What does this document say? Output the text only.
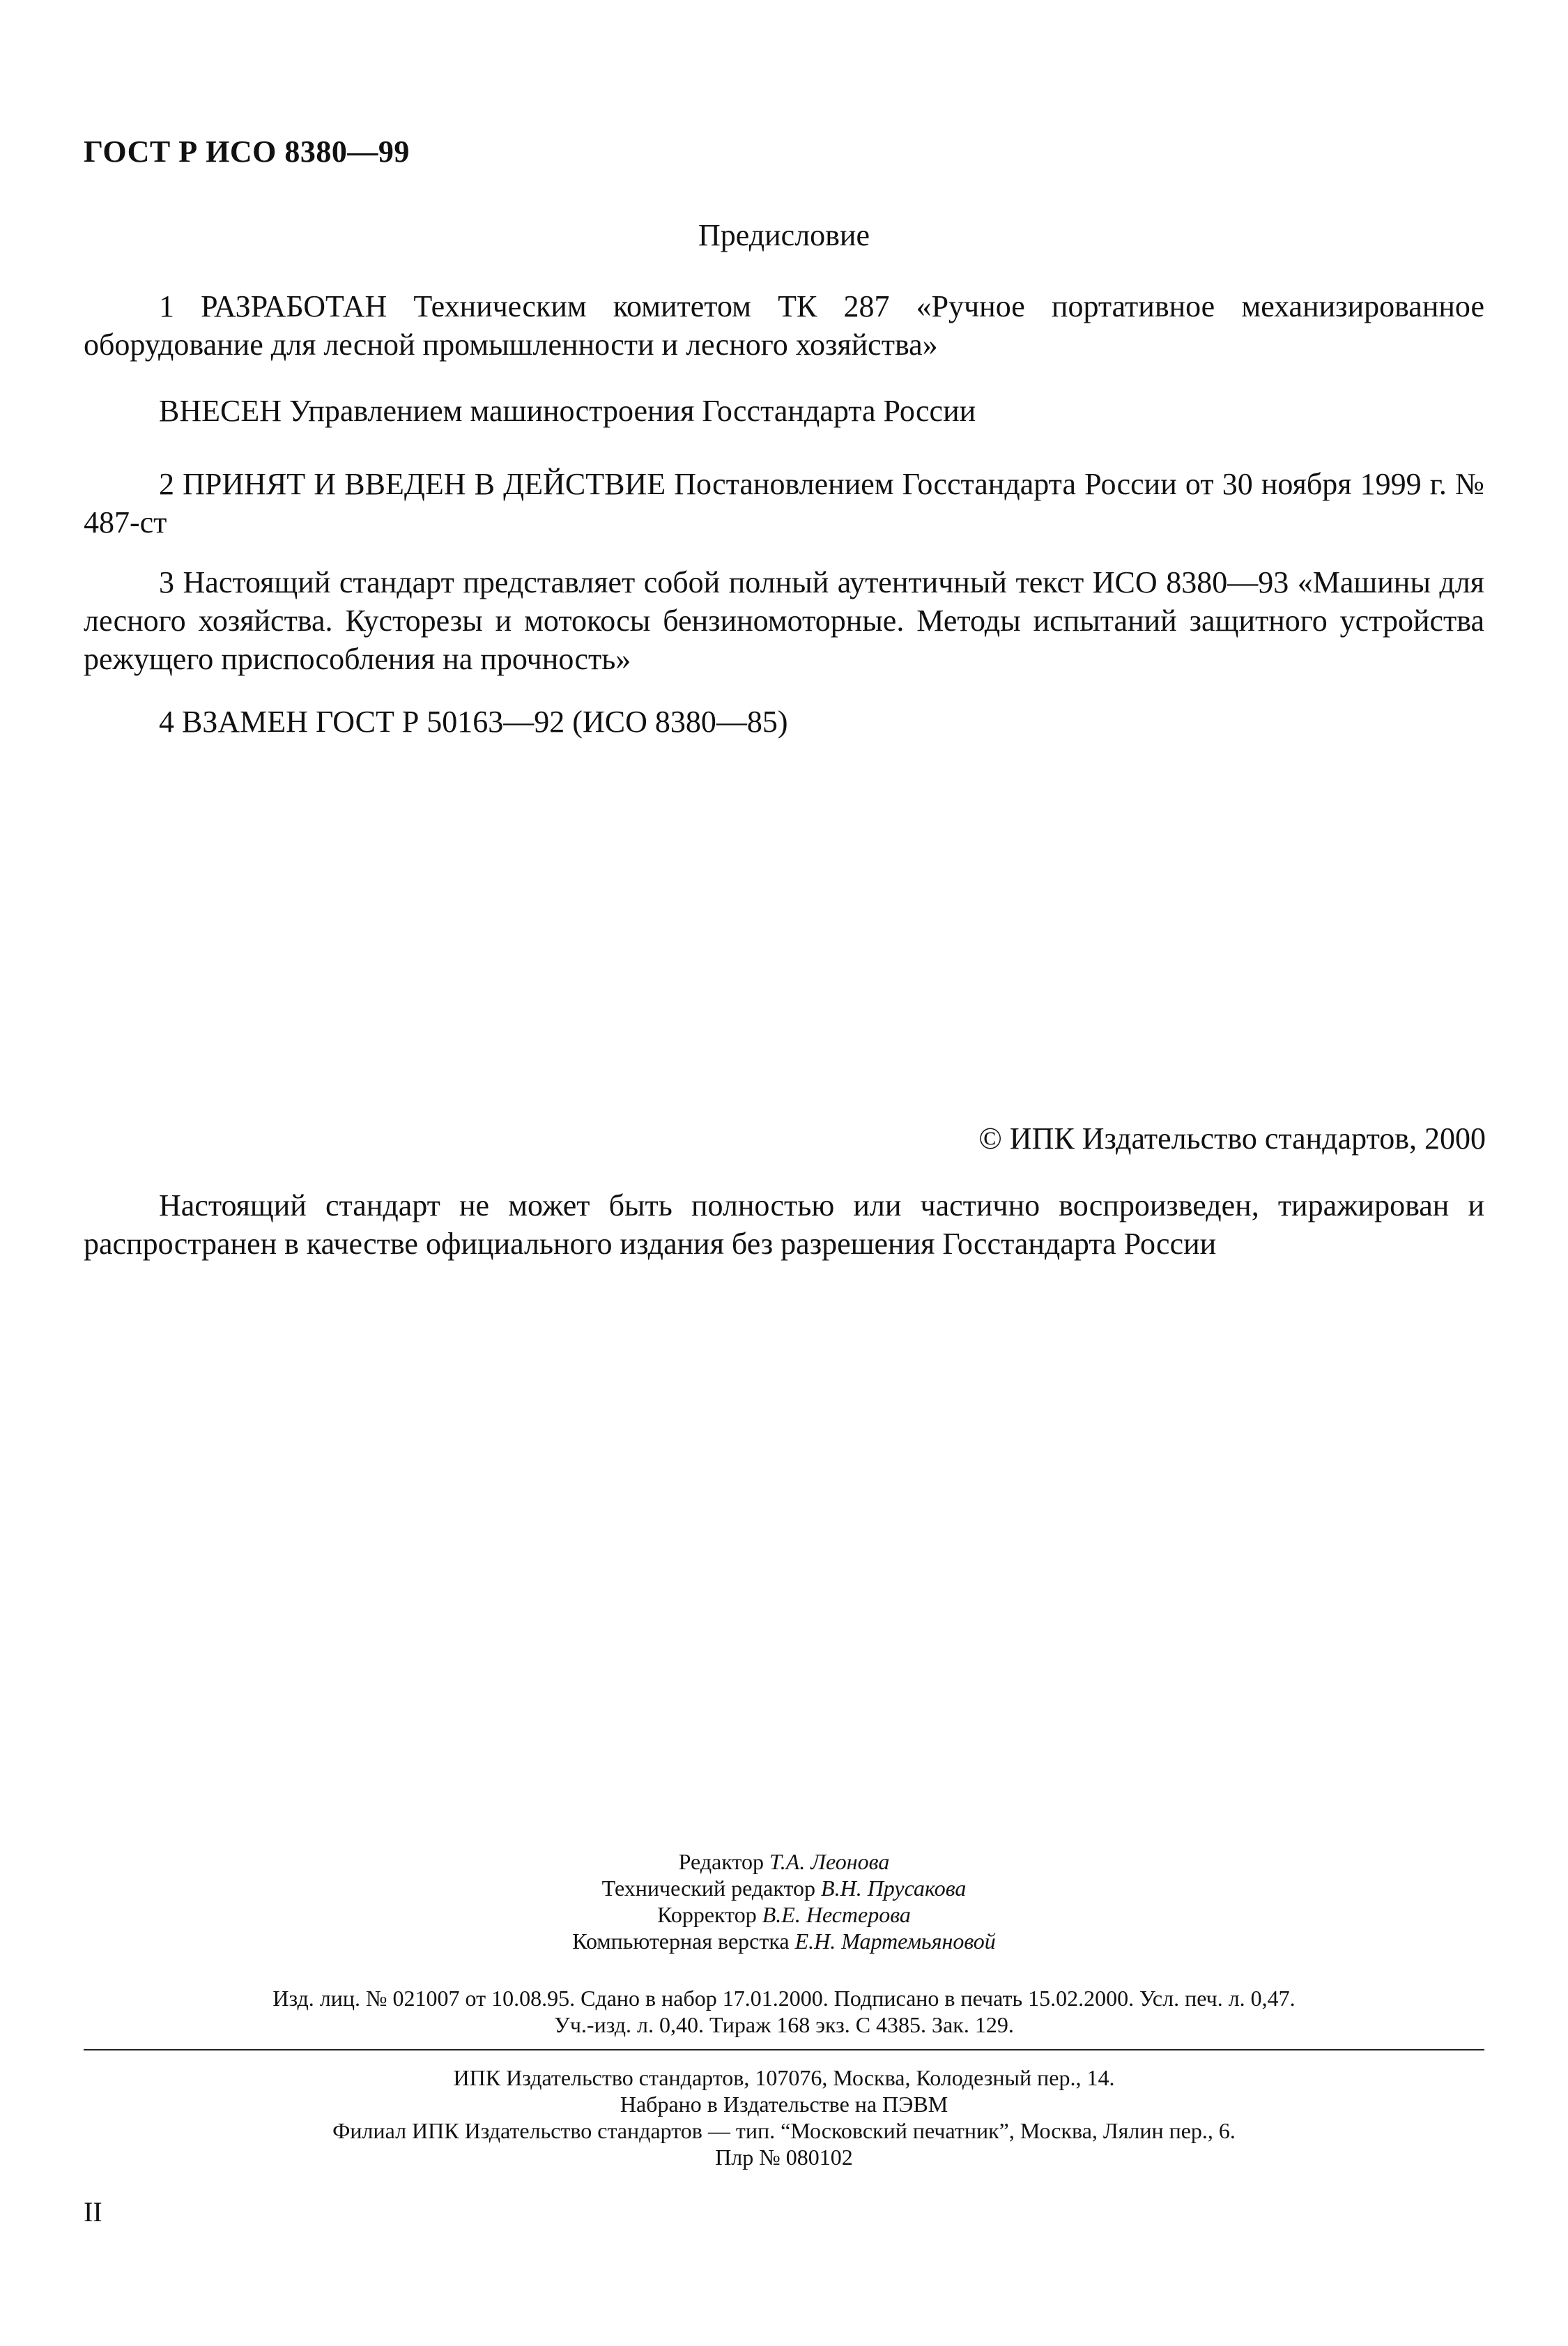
ГОСТ Р ИСО 8380—99
Предисловие
1 РАЗРАБОТАН Техническим комитетом ТК 287 «Ручное портативное механизированное оборудование для лесной промышленности и лесного хозяйства»
ВНЕСЕН Управлением машиностроения Госстандарта России
2 ПРИНЯТ И ВВЕДЕН В ДЕЙСТВИЕ Постановлением Госстандарта России от 30 ноября 1999 г. № 487-ст
3 Настоящий стандарт представляет собой полный аутентичный текст ИСО 8380—93 «Машины для лесного хозяйства. Кусторезы и мотокосы бензиномоторные. Методы испытаний защитного устройства режущего приспособления на прочность»
4 ВЗАМЕН ГОСТ Р 50163—92 (ИСО 8380—85)
© ИПК Издательство стандартов, 2000
Настоящий стандарт не может быть полностью или частично воспроизведен, тиражирован и распространен в качестве официального издания без разрешения Госстандарта России
Редактор Т.А. Леонова
Технический редактор В.Н. Прусакова
Корректор В.Е. Нестерова
Компьютерная верстка Е.Н. Мартемьяновой
Изд. лиц. № 021007 от 10.08.95. Сдано в набор 17.01.2000. Подписано в печать 15.02.2000. Усл. печ. л. 0,47.
Уч.-изд. л. 0,40. Тираж 168 экз. С 4385. Зак. 129.
ИПК Издательство стандартов, 107076, Москва, Колодезный пер., 14.
Набрано в Издательстве на ПЭВМ
Филиал ИПК Издательство стандартов — тип. “Московский печатник”, Москва, Лялин пер., 6.
Плр № 080102
II
